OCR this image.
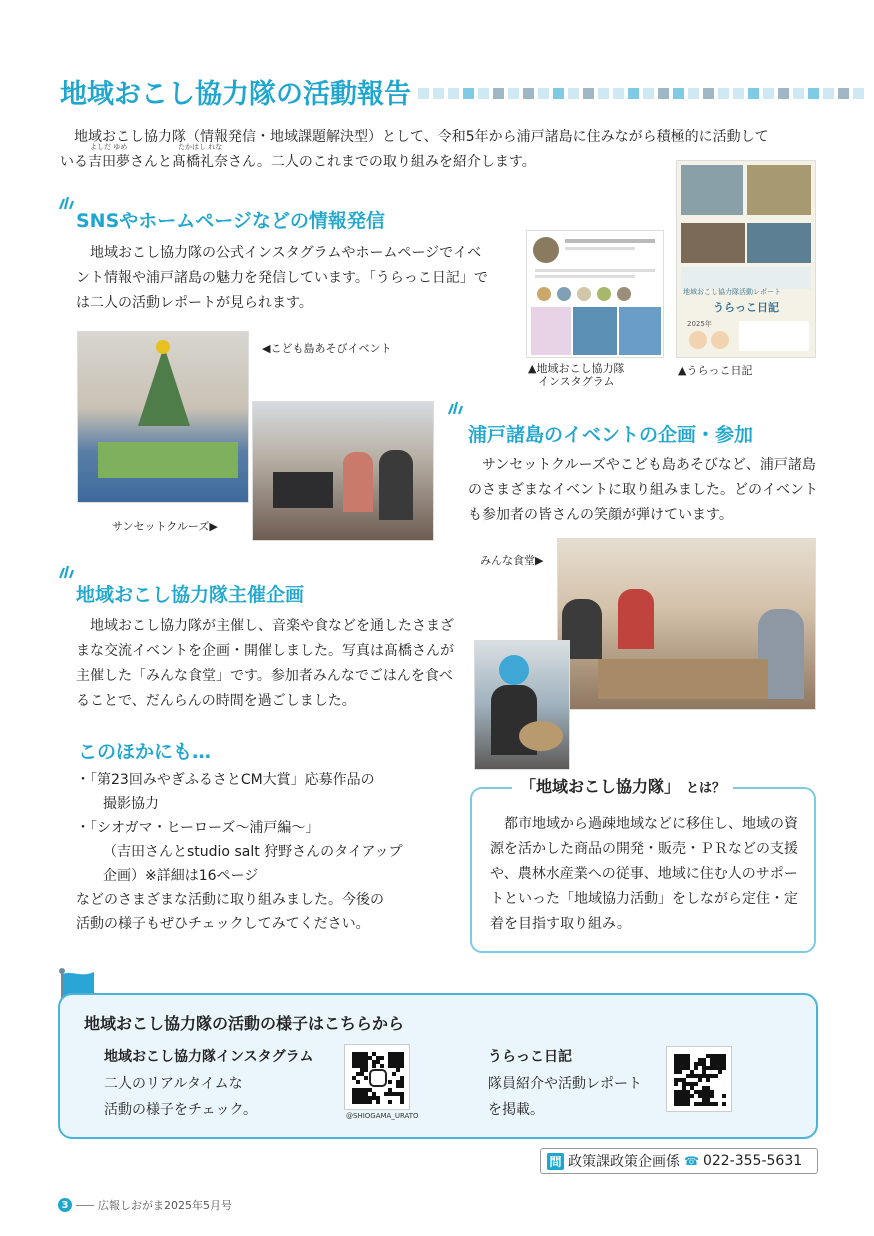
地域おこし協力隊の活動報告
よしだ ゆめ	たかはし れな

地域おこし協力隊（情報発信・地域課題解決型）として、令和5年から浦戸諸島に住みながら積極的に活動して

いる吉田夢さんと髙橋礼奈さん。二人のこれまでの取り組みを紹介します。
SNSやホームページなどの情報発信

地域おこし協力隊の公式インスタグラムやホームページでイベント情報や浦戸諸島の魅力を発信しています。「うらっこ日記」では二人の活動レポートが見られます。

▲地域おこし協力隊
インスタグラム
地域おこし協力隊活動レポート
うらっこ日記
2025年
▲うらっこ日記
◀こども島あそびイベント
サンセットクルーズ▶
浦戸諸島のイベントの企画・参加

サンセットクルーズやこども島あそびなど、浦戸諸島のさまざまなイベントに取り組みました。どのイベントも参加者の皆さんの笑顔が弾けています。

みんな食堂▶
地域おこし協力隊主催企画

地域おこし協力隊が主催し、音楽や食などを通したさまざまな交流イベントを企画・開催しました。写真は髙橋さんが主催した「みんな食堂」です。参加者みんなでごはんを食べることで、だんらんの時間を過ごしました。

このほかにも…
・「第23回みやぎふるさとCM大賞」応募作品の
撮影協力
・「シオガマ・ヒーローズ～浦戸編～」
（吉田さんとstudio salt 狩野さんのタイアップ
企画）※詳細は16ページ
などのさまざまな活動に取り組みました。今後の
活動の様子もぜひチェックしてみてください。
「地域おこし協力隊」 とは？

都市地域から過疎地域などに移住し、地域の資源を活かした商品の開発・販売・ＰＲなどの支援や、農林水産業への従事、地域に住む人のサポートといった「地域協力活動」をしながら定住・定着を目指す取り組み。

地域おこし協力隊の活動の様子はこちらから
地域おこし協力隊インスタグラム
二人のリアルタイムな
活動の様子をチェック。	@SHIOGAMA_URATO
うらっこ日記
隊員紹介や活動レポート
を掲載。
問 政策課政策企画係 ☎ 022-355-5631
3	広報しおがま2025年5月号
